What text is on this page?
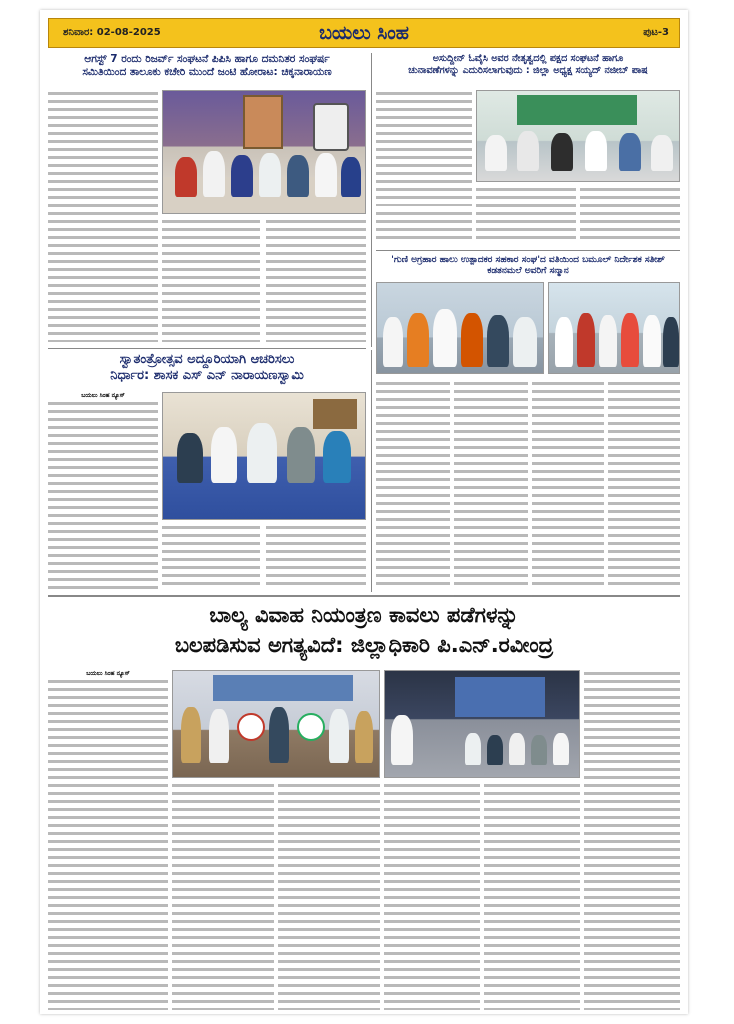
ಶನಿವಾರ: 02-08-2025	ಬಯಲು ಸಿಂಹ	ಪುಟ-3
ಆಗಸ್ಟ್ 7 ರಂದು ರಿಜರ್ವ್ ಸಂಘಟನೆ ಪಿಪಿಸಿ ಹಾಗೂ ದಮನಿತರ ಸಂಘರ್ಷ
ಸಮಿತಿಯಿಂದ ತಾಲೂಕು ಕಚೇರಿ ಮುಂದೆ ಜಂಟಿ ಹೋರಾಟ: ಚಿಕ್ಕನಾರಾಯಣ
ಅಸುದ್ದೀನ್ ಓವೈಸಿ ಅವರ ನೇತೃತ್ವದಲ್ಲಿ ಪಕ್ಷದ ಸಂಘಟನೆ ಹಾಗೂ
ಚುನಾವಣೆಗಳನ್ನು ಎದುರಿಸಲಾಗುವುದು : ಜಿಲ್ಲಾ ಅಧ್ಯಕ್ಷ ಸಯ್ಯದ್ ನಜೀಬ್ ಪಾಷ
'ಗುಣಿ ಅಗ್ರಹಾರ ಹಾಲು ಉತ್ಪಾದಕರ ಸಹಕಾರ ಸಂಘ'ದ ವತಿಯಿಂದ ಬಮೂಲ್ ನಿರ್ದೇಶಕ ಸತೀಶ್ ಕಡತನಮಲೆ ಅವರಿಗೆ ಸನ್ಮಾನ
ಸ್ವಾತಂತ್ರೋತ್ಸವ ಅದ್ದೂರಿಯಾಗಿ ಆಚರಿಸಲು
ನಿರ್ಧಾರ: ಶಾಸಕ ಎಸ್ ಎನ್ ನಾರಾಯಣಸ್ವಾಮಿ
ಬಯಲು ಸಿಂಹ ನ್ಯೂಸ್
ಬಾಲ್ಯ ವಿವಾಹ ನಿಯಂತ್ರಣ ಕಾವಲು ಪಡೆಗಳನ್ನು
ಬಲಪಡಿಸುವ ಅಗತ್ಯವಿದೆ: ಜಿಲ್ಲಾಧಿಕಾರಿ ಪಿ.ಎನ್.ರವೀಂದ್ರ
ಬಯಲು ಸಿಂಹ ನ್ಯೂಸ್
